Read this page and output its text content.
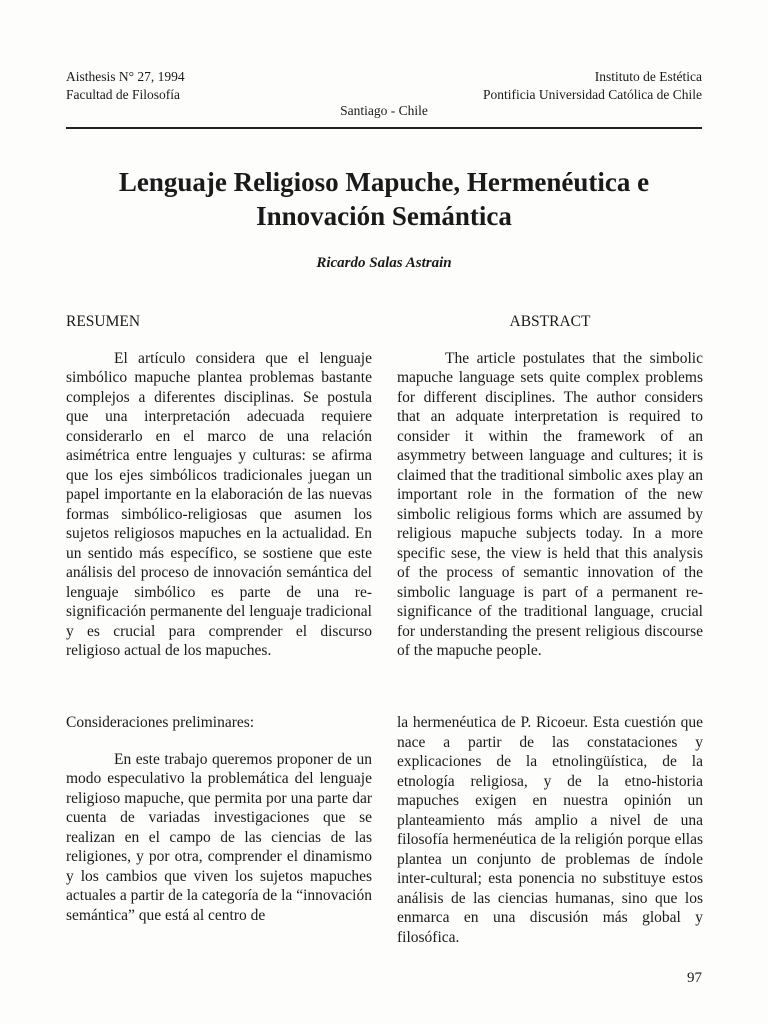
Aisthesis N° 27, 1994
Facultad de Filosofía
Instituto de Estética
Pontificia Universidad Católica de Chile
Santiago - Chile
Lenguaje Religioso Mapuche, Hermenéutica e
Innovación Semántica
Ricardo Salas Astrain
RESUMEN

El artículo considera que el lenguaje simbólico mapuche plantea problemas bastante complejos a diferentes disciplinas. Se postula que una interpretación adecuada requiere considerarlo en el marco de una relación asimétrica entre lenguajes y culturas: se afirma que los ejes simbólicos tradicionales juegan un papel importante en la elaboración de las nuevas formas simbólico-religiosas que asumen los sujetos religiosos mapuches en la actualidad. En un sentido más específico, se sostiene que este análisis del proceso de innovación semántica del lenguaje simbólico es parte de una re-significación permanente del lenguaje tradicional y es crucial para comprender el discurso religioso actual de los mapuches.

ABSTRACT

The article postulates that the simbolic mapuche language sets quite complex problems for different disciplines. The author considers that an adquate interpretation is required to consider it within the framework of an asymmetry between language and cultures; it is claimed that the traditional simbolic axes play an important role in the formation of the new simbolic religious forms which are assumed by religious mapuche subjects today. In a more specific sese, the view is held that this analysis of the process of semantic innovation of the simbolic language is part of a permanent re-significance of the traditional language, crucial for understanding the present religious discourse of the mapuche people.

Consideraciones preliminares:

En este trabajo queremos proponer de un modo especulativo la problemática del lenguaje religioso mapuche, que permita por una parte dar cuenta de variadas investigaciones que se realizan en el campo de las ciencias de las religiones, y por otra, comprender el dinamismo y los cambios que viven los sujetos mapuches actuales a partir de la categoría de la “innovación semántica” que está al centro de

la hermenéutica de P. Ricoeur. Esta cuestión que nace a partir de las constataciones y explicaciones de la etnolingüística, de la etnología religiosa, y de la etno-historia mapuches exigen en nuestra opinión un planteamiento más amplio a nivel de una filosofía hermenéutica de la religión porque ellas plantea un conjunto de problemas de índole inter-cultural; esta ponencia no substituye estos análisis de las ciencias humanas, sino que los enmarca en una discusión más global y filosófica.

97
